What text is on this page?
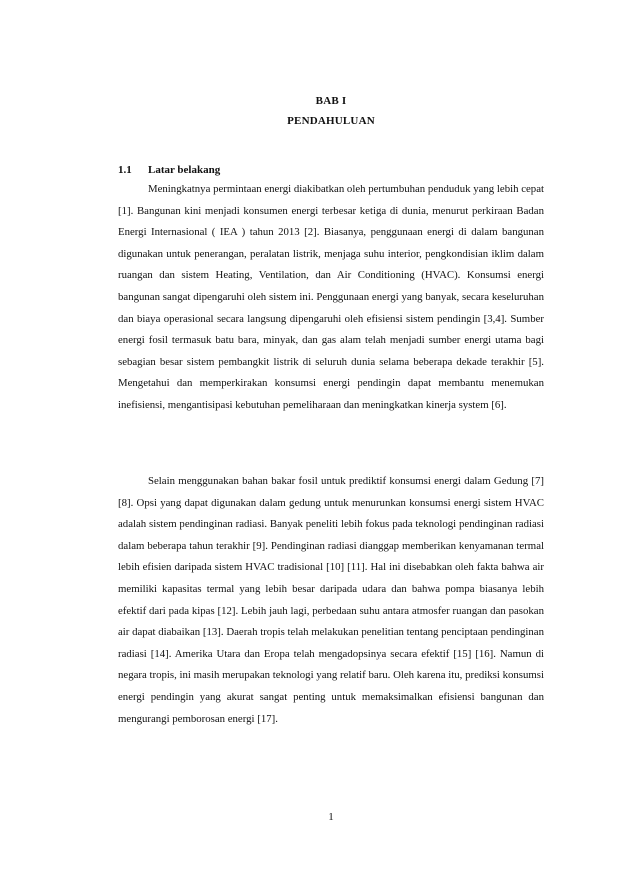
BAB I
PENDAHULUAN
1.1 Latar belakang

Meningkatnya permintaan energi diakibatkan oleh pertumbuhan penduduk yang lebih cepat [1]. Bangunan kini menjadi konsumen energi terbesar ketiga di dunia, menurut perkiraan Badan Energi Internasional ( IEA ) tahun 2013 [2]. Biasanya, penggunaan energi di dalam bangunan digunakan untuk penerangan, peralatan listrik, menjaga suhu interior, pengkondisian iklim dalam ruangan dan sistem Heating, Ventilation, dan Air Conditioning (HVAC). Konsumsi energi bangunan sangat dipengaruhi oleh sistem ini. Penggunaan energi yang banyak, secara keseluruhan dan biaya operasional secara langsung dipengaruhi oleh efisiensi sistem pendingin [3,4]. Sumber energi fosil termasuk batu bara, minyak, dan gas alam telah menjadi sumber energi utama bagi sebagian besar sistem pembangkit listrik di seluruh dunia selama beberapa dekade terakhir [5]. Mengetahui dan memperkirakan konsumsi energi pendingin dapat membantu menemukan inefisiensi, mengantisipasi kebutuhan pemeliharaan dan meningkatkan kinerja system [6].

Selain menggunakan bahan bakar fosil untuk prediktif konsumsi energi dalam Gedung [7] [8]. Opsi yang dapat digunakan dalam gedung untuk menurunkan konsumsi energi sistem HVAC adalah sistem pendinginan radiasi. Banyak peneliti lebih fokus pada teknologi pendinginan radiasi dalam beberapa tahun terakhir [9]. Pendinginan radiasi dianggap memberikan kenyamanan termal lebih efisien daripada sistem HVAC tradisional [10] [11]. Hal ini disebabkan oleh fakta bahwa air memiliki kapasitas termal yang lebih besar daripada udara dan bahwa pompa biasanya lebih efektif dari pada kipas [12]. Lebih jauh lagi, perbedaan suhu antara atmosfer ruangan dan pasokan air dapat diabaikan [13]. Daerah tropis telah melakukan penelitian tentang penciptaan pendinginan radiasi [14]. Amerika Utara dan Eropa telah mengadopsinya secara efektif [15] [16]. Namun di negara tropis, ini masih merupakan teknologi yang relatif baru. Oleh karena itu, prediksi konsumsi energi pendingin yang akurat sangat penting untuk memaksimalkan efisiensi bangunan dan mengurangi pemborosan energi [17].

1
